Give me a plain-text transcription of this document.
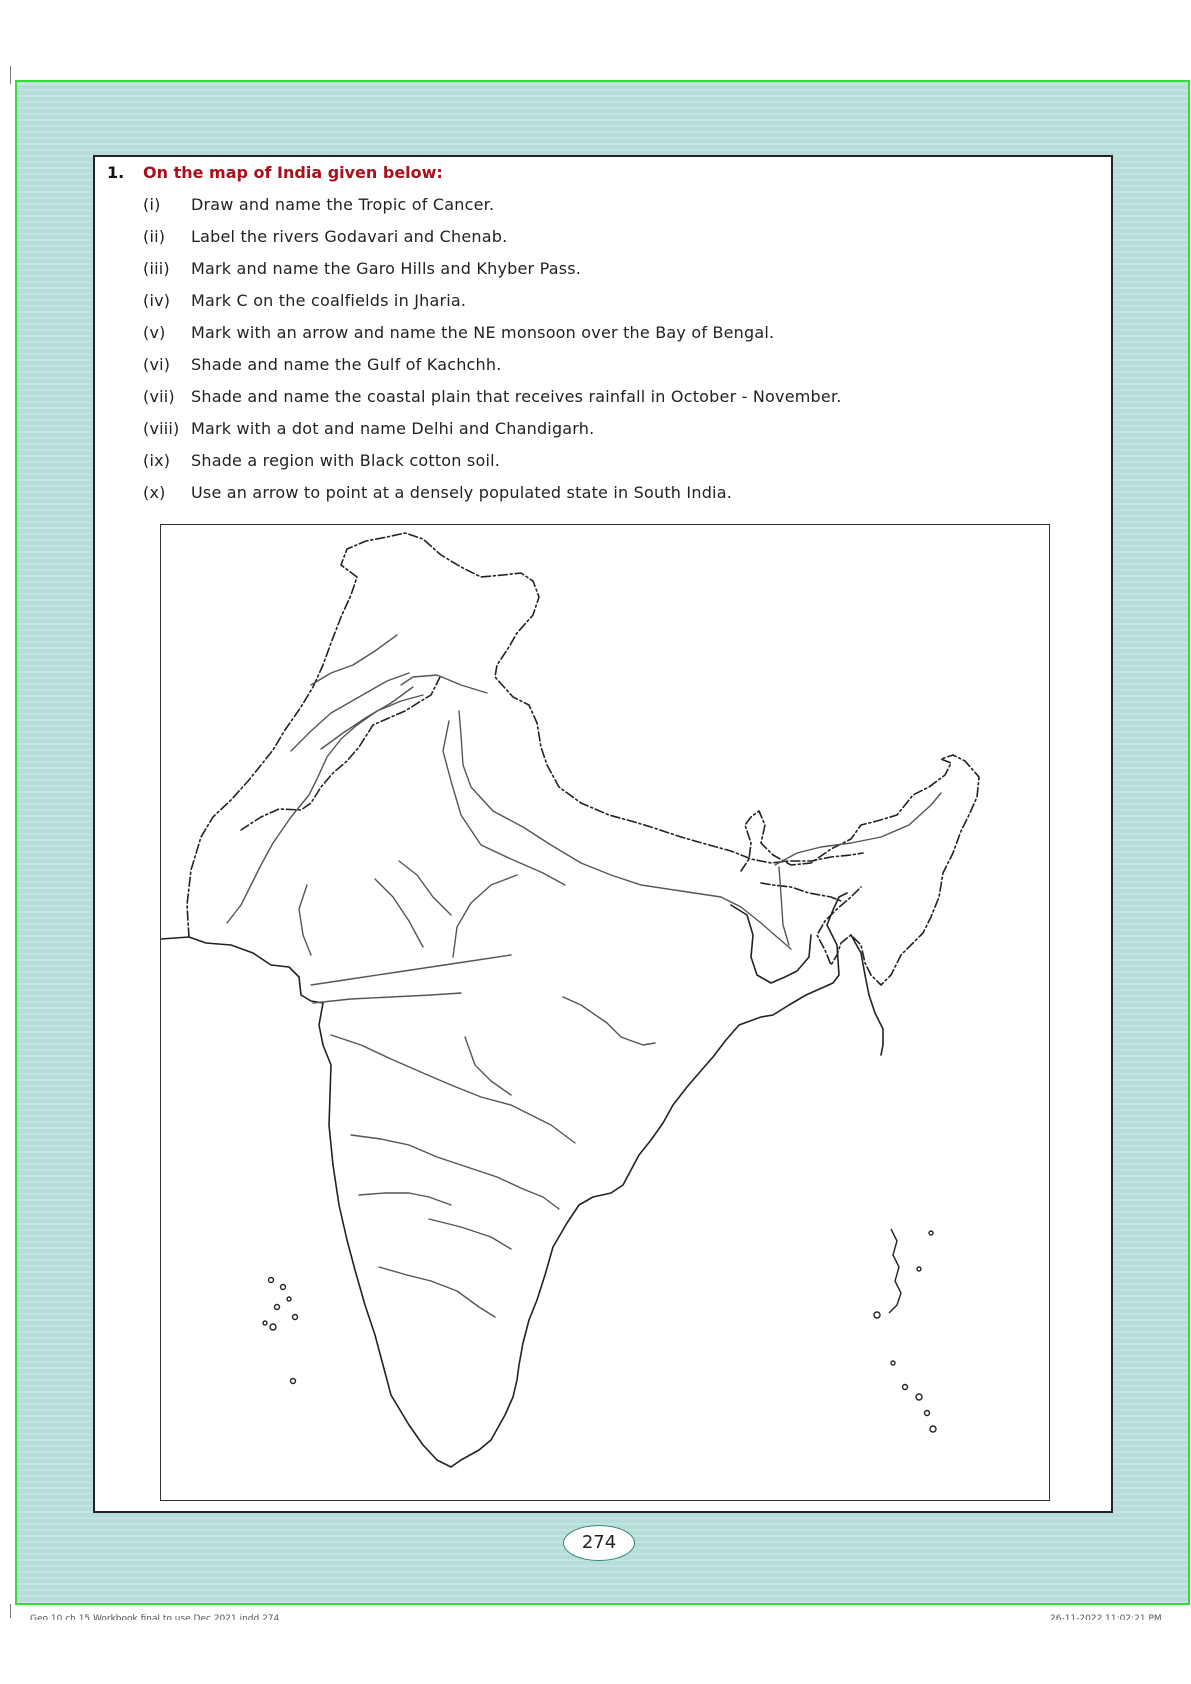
1. On the map of India given below:
(i) Draw and name the Tropic of Cancer.
(ii) Label the rivers Godavari and Chenab.
(iii) Mark and name the Garo Hills and Khyber Pass.
(iv) Mark C on the coalfields in Jharia.
(v) Mark with an arrow and name the NE monsoon over the Bay of Bengal.
(vi) Shade and name the Gulf of Kachchh.
(vii) Shade and name the coastal plain that receives rainfall in October - November.
(viii) Mark with a dot and name Delhi and Chandigarh.
(ix) Shade a region with Black cotton soil.
(x) Use an arrow to point at a densely populated state in South India.
274
Geo 10 ch 15 Workbook final to use Dec 2021.indd 274	26-11-2022 11:02:21 PM
